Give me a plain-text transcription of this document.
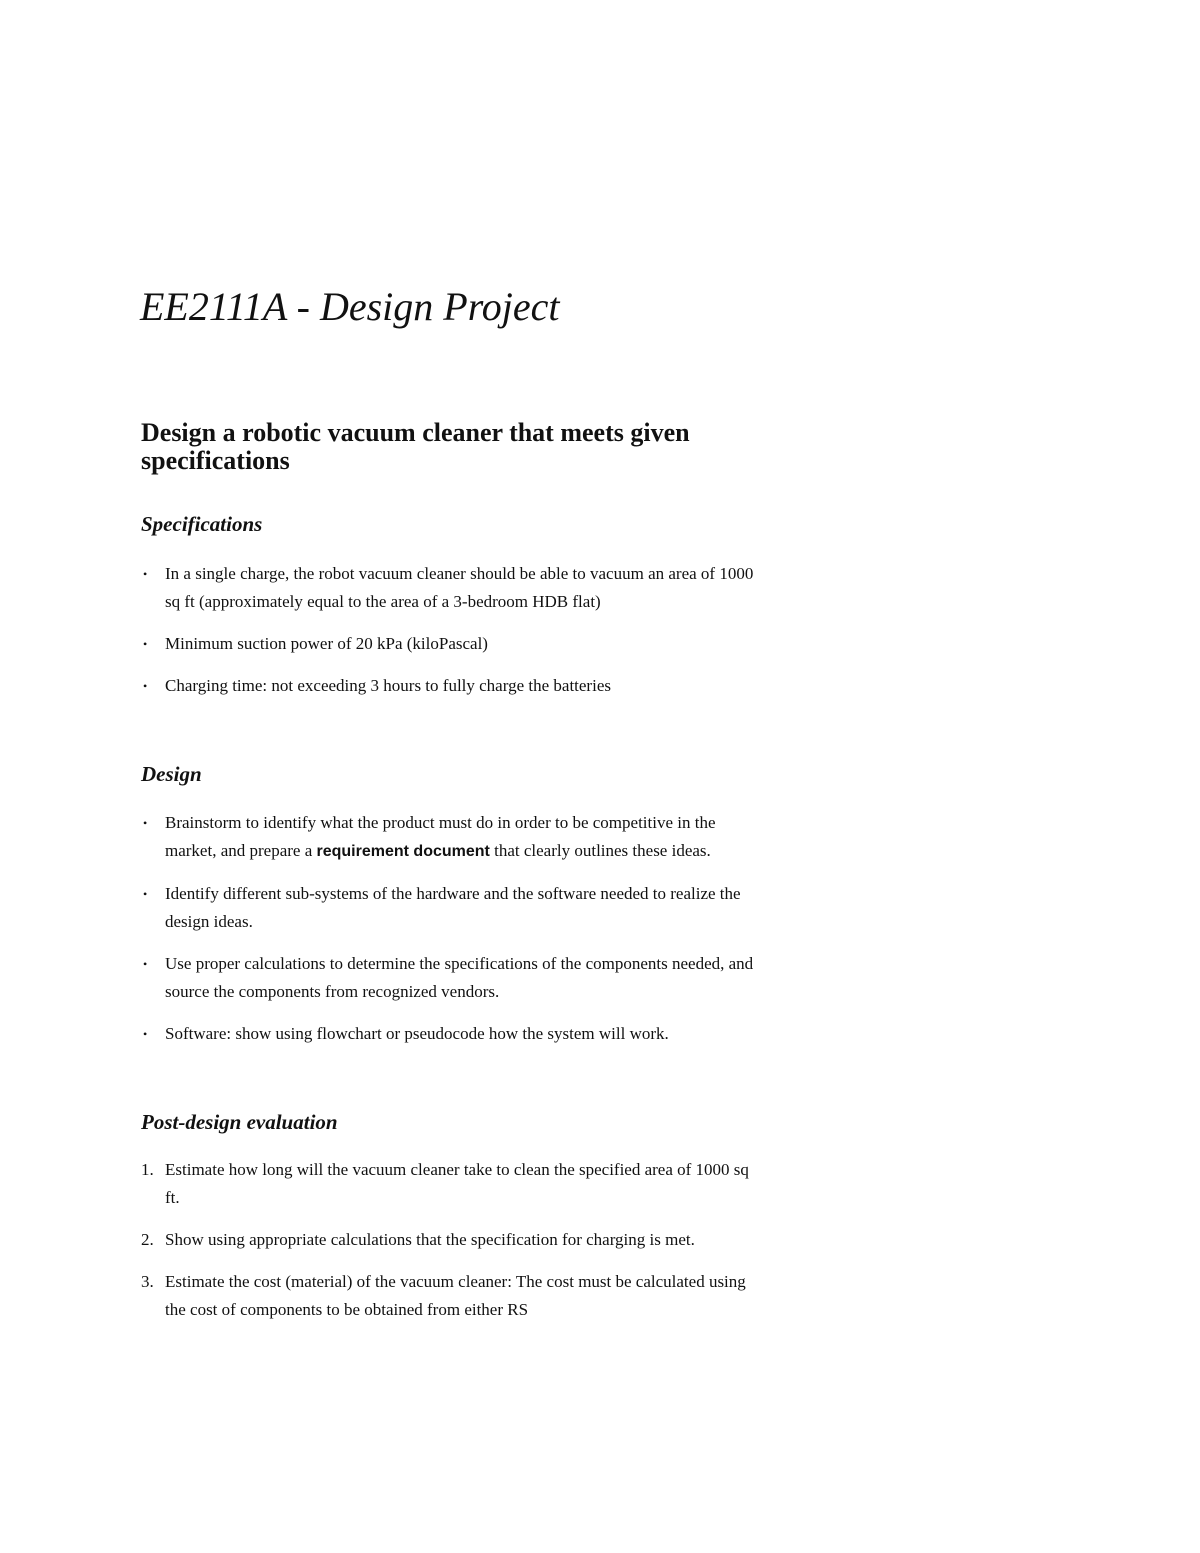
EE2111A - Design Project
Design a robotic vacuum cleaner that meets given specifications
Specifications
• In a single charge, the robot vacuum cleaner should be able to vacuum an area of 1000 sq ft (approximately equal to the area of a 3-bedroom HDB flat)
• Minimum suction power of 20 kPa (kiloPascal)
• Charging time: not exceeding 3 hours to fully charge the batteries
Design
• Brainstorm to identify what the product must do in order to be competitive in the market, and prepare a requirement document that clearly outlines these ideas.
• Identify different sub-systems of the hardware and the software needed to realize the design ideas.
• Use proper calculations to determine the specifications of the components needed, and source the components from recognized vendors.
• Software: show using flowchart or pseudocode how the system will work.
Post-design evaluation
1. Estimate how long will the vacuum cleaner take to clean the specified area of 1000 sq ft.
2. Show using appropriate calculations that the specification for charging is met.
3. Estimate the cost (material) of the vacuum cleaner: The cost must be calculated using the cost of components to be obtained from either RS
